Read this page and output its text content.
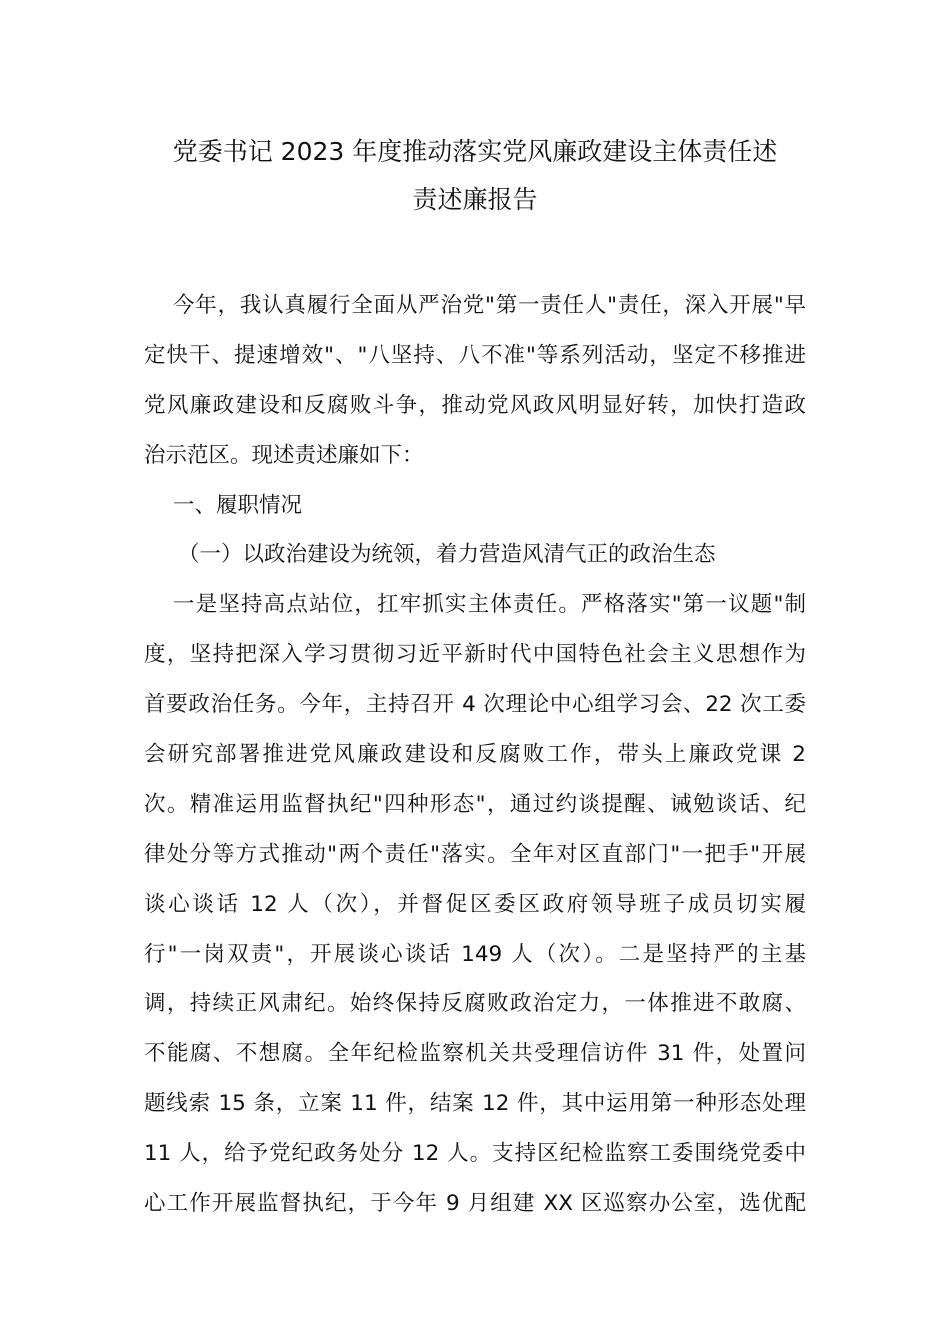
党委书记 2023 年度推动落实党风廉政建设主体责任述
责述廉报告
今年，我认真履行全面从严治党"第一责任人"责任，深入开展"早
定快干、提速增效"、"八坚持、八不准"等系列活动，坚定不移推进
党风廉政建设和反腐败斗争，推动党风政风明显好转，加快打造政
治示范区。现述责述廉如下：
一、履职情况
（一）以政治建设为统领，着力营造风清气正的政治生态
一是坚持高点站位，扛牢抓实主体责任。严格落实"第一议题"制
度，坚持把深入学习贯彻习近平新时代中国特色社会主义思想作为
首要政治任务。今年，主持召开 4 次理论中心组学习会、22 次工委
会研究部署推进党风廉政建设和反腐败工作，带头上廉政党课 2
次。精准运用监督执纪"四种形态"，通过约谈提醒、诫勉谈话、纪
律处分等方式推动"两个责任"落实。全年对区直部门"一把手"开展
谈心谈话 12 人（次），并督促区委区政府领导班子成员切实履
行"一岗双责"，开展谈心谈话 149 人（次）。二是坚持严的主基
调，持续正风肃纪。始终保持反腐败政治定力，一体推进不敢腐、
不能腐、不想腐。全年纪检监察机关共受理信访件 31 件，处置问
题线索 15 条，立案 11 件，结案 12 件，其中运用第一种形态处理
11 人，给予党纪政务处分 12 人。支持区纪检监察工委围绕党委中
心工作开展监督执纪，于今年 9 月组建 XX 区巡察办公室，选优配
